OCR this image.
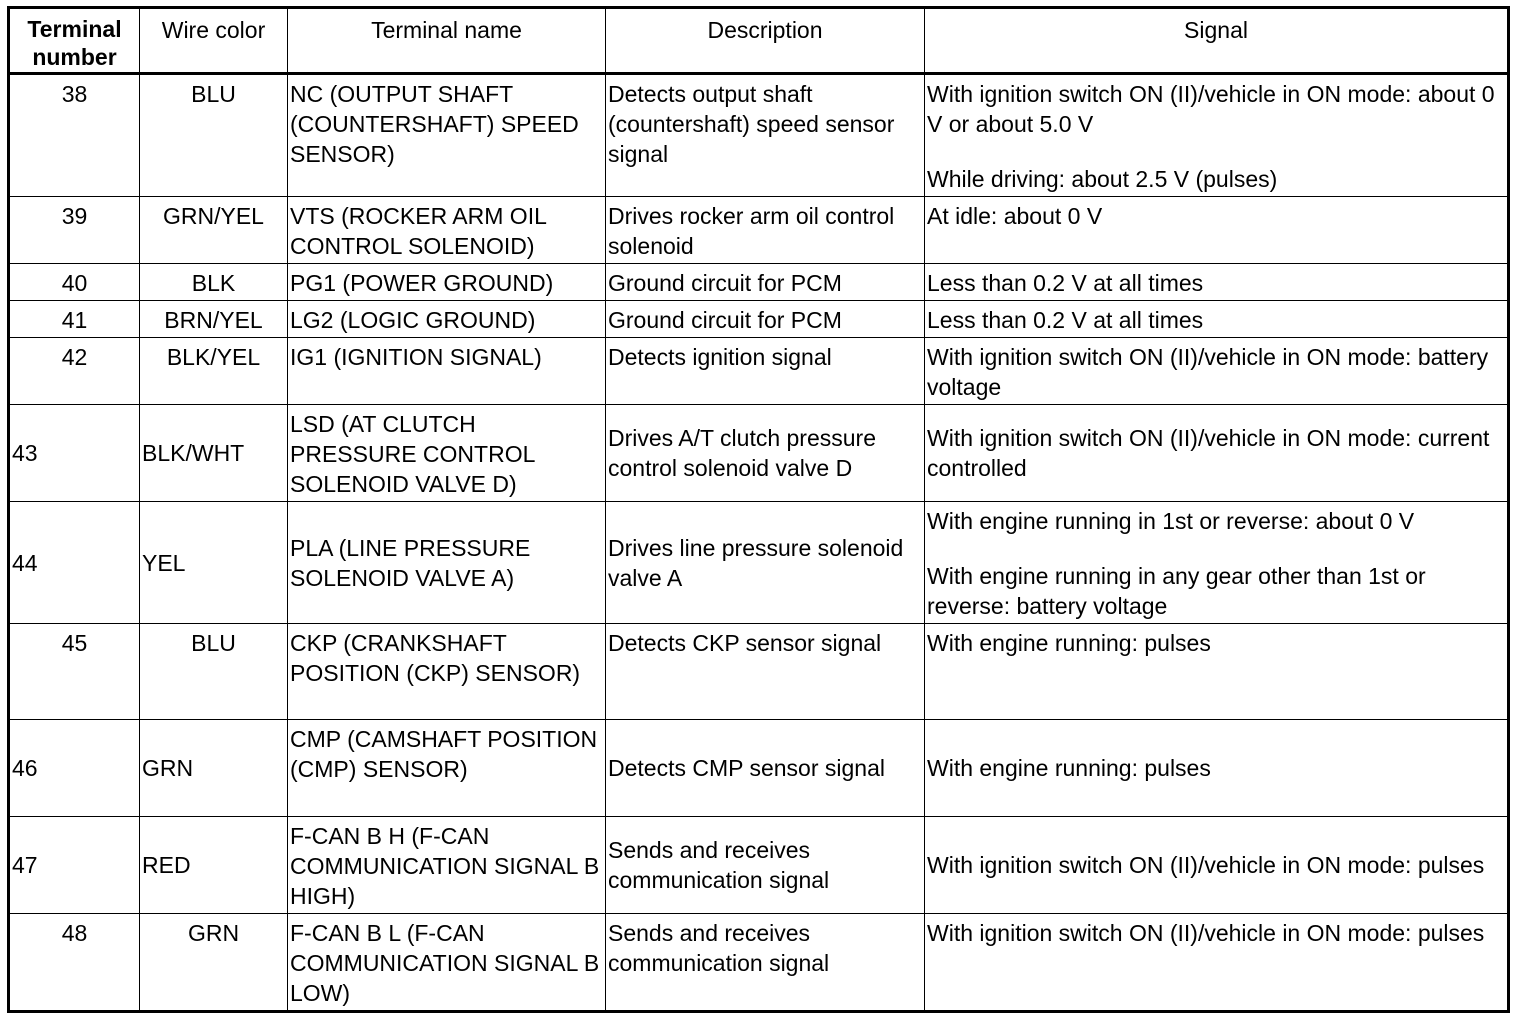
Terminal number	Wire color	Terminal name	Description	Signal
38	BLU	NC (OUTPUT SHAFT (COUNTERSHAFT) SPEED SENSOR)	Detects output shaft (countershaft) speed sensor signal	With ignition switch ON (II)/vehicle in ON mode: about 0 V or about 5.0 V
While driving: about 2.5 V (pulses)

39	GRN/YEL	VTS (ROCKER ARM OIL CONTROL SOLENOID)	Drives rocker arm oil control solenoid	At idle: about 0 V
40	BLK	PG1 (POWER GROUND)	Ground circuit for PCM	Less than 0.2 V at all times
41	BRN/YEL	LG2 (LOGIC GROUND)	Ground circuit for PCM	Less than 0.2 V at all times
42	BLK/YEL	IG1 (IGNITION SIGNAL)	Detects ignition signal	With ignition switch ON (II)/vehicle in ON mode: battery voltage
43	BLK/WHT	LSD (AT CLUTCH PRESSURE CONTROL SOLENOID VALVE D)	Drives A/T clutch pressure control solenoid valve D	With ignition switch ON (II)/vehicle in ON mode: current controlled
44	YEL	PLA (LINE PRESSURE SOLENOID VALVE A)	Drives line pressure solenoid valve A	With engine running in 1st or reverse: about 0 V
With engine running in any gear other than 1st or reverse: battery voltage

45	BLU	CKP (CRANKSHAFT POSITION (CKP) SENSOR)	Detects CKP sensor signal	With engine running: pulses
46	GRN	CMP (CAMSHAFT POSITION (CMP) SENSOR)	Detects CMP sensor signal	With engine running: pulses
47	RED	F-CAN B H (F-CAN COMMUNICATION SIGNAL B HIGH)	Sends and receives communication signal	With ignition switch ON (II)/vehicle in ON mode: pulses
48	GRN	F-CAN B L (F-CAN COMMUNICATION SIGNAL B LOW)	Sends and receives communication signal	With ignition switch ON (II)/vehicle in ON mode: pulses
